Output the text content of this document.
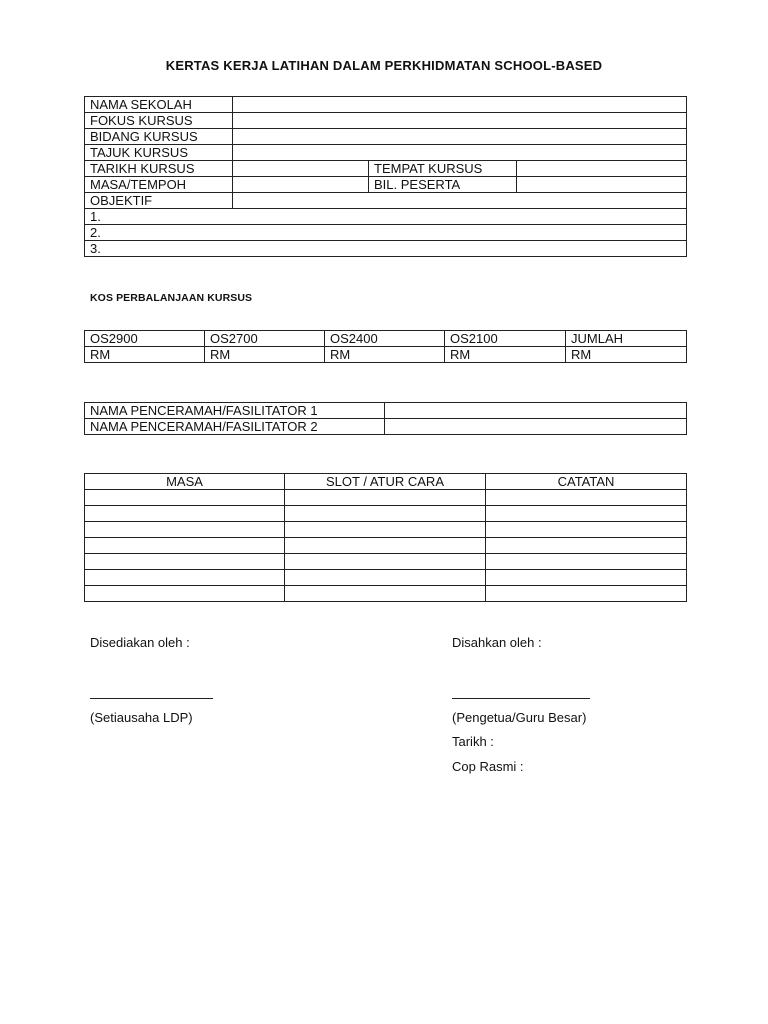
KERTAS KERJA LATIHAN DALAM PERKHIDMATAN SCHOOL-BASED
NAMA SEKOLAH			
FOKUS KURSUS			
BIDANG KURSUS			
TAJUK KURSUS			
TARIKH KURSUS		TEMPAT KURSUS	
MASA/TEMPOH		BIL. PESERTA	
OBJEKTIF			
1.			
2.			
3.			
KOS PERBALANJAAN KURSUS
OS2900	OS2700	OS2400	OS2100	JUMLAH
RM	RM	RM	RM	RM
NAMA PENCERAMAH/FASILITATOR 1	
NAMA PENCERAMAH/FASILITATOR 2	
MASA	SLOT / ATUR CARA	CATATAN

Disediakan oleh :
(Setiausaha LDP)
Disahkan oleh :
(Pengetua/Guru Besar)
Tarikh :
Cop Rasmi :
